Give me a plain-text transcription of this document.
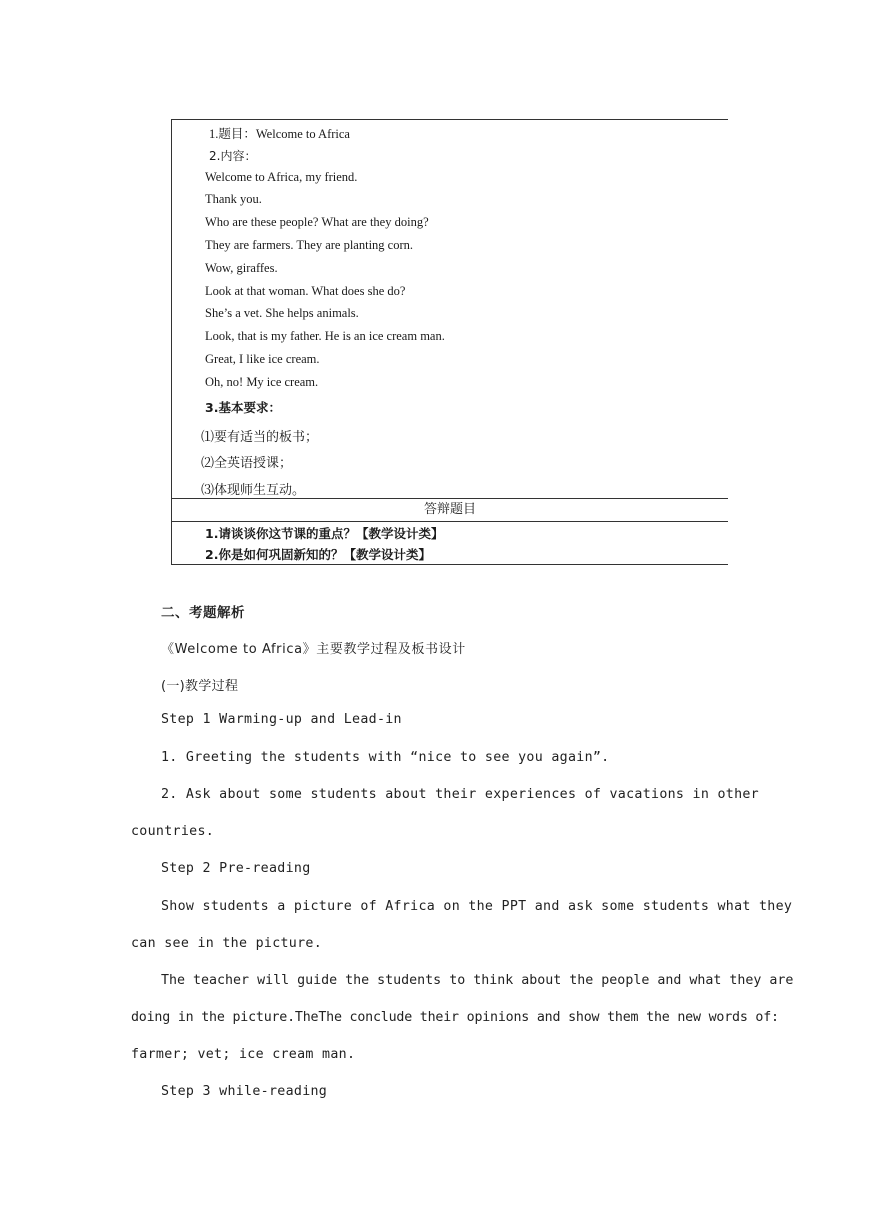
1.题目：Welcome to Africa
2.内容：
Welcome to Africa, my friend.
Thank you.
Who are these people? What are they doing?
They are farmers. They are planting corn.
Wow, giraffes.
Look at that woman. What does she do?
She’s a vet. She helps animals.
Look, that is my father. He is an ice cream man.
Great, I like ice cream.
Oh, no! My ice cream.
3.基本要求：
⑴要有适当的板书；
⑵全英语授课；
⑶体现师生互动。
答辩题目
1.请谈谈你这节课的重点？【教学设计类】
2.你是如何巩固新知的？【教学设计类】
二、考题解析
《Welcome to Africa》主要教学过程及板书设计
(一)教学过程
Step 1 Warming-up and Lead-in
1. Greeting the students with “nice to see you again”.
2. Ask about some students about their experiences of vacations in other
countries.
Step 2 Pre-reading
Show students a picture of Africa on the PPT and ask some students what they
can see in the picture.
The teacher will guide the students to think about the people and what they are
doing in the picture.TheThe conclude their opinions and show them the new words of:
farmer; vet; ice cream man.
Step 3 while-reading
